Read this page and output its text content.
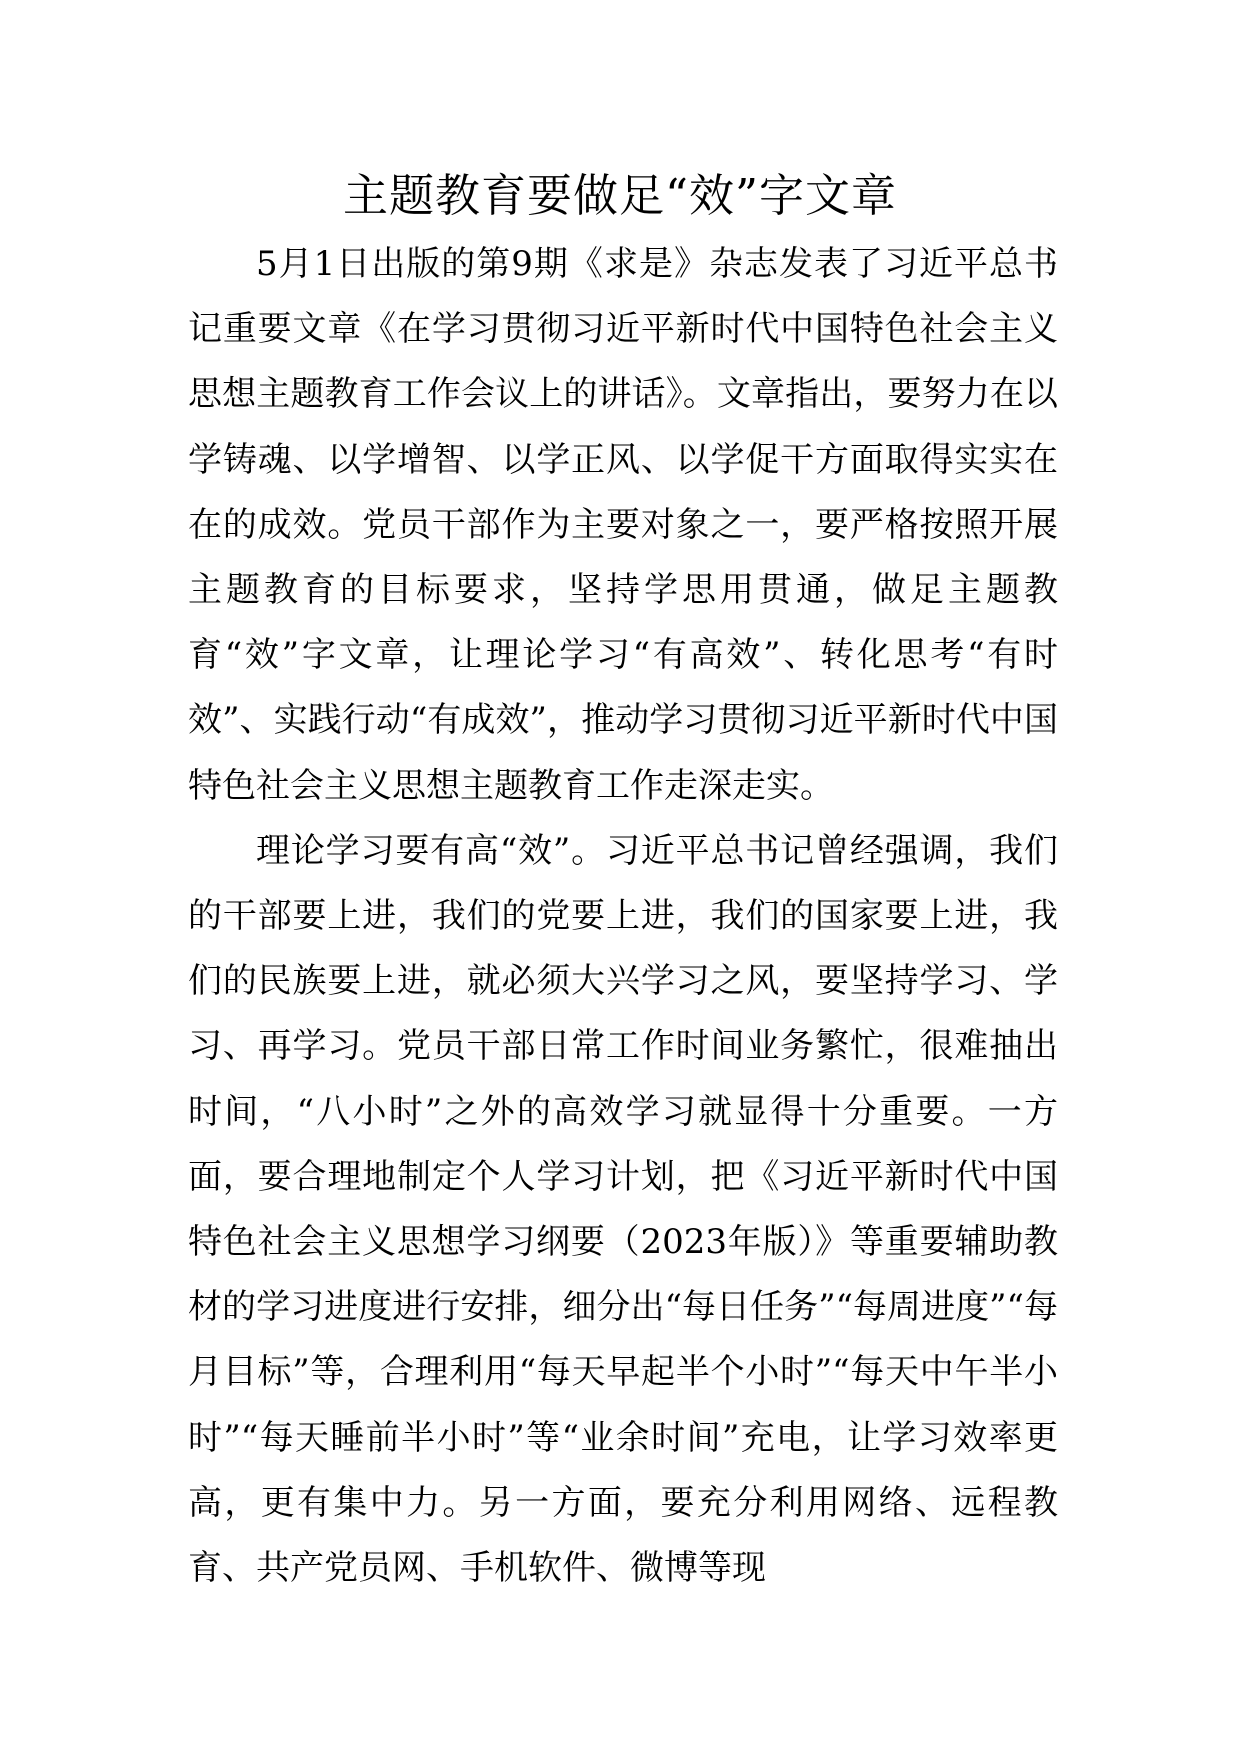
主题教育要做足“效”字文章

5月1日出版的第9期《求是》杂志发表了习近平总书记重要文章《在学习贯彻习近平新时代中国特色社会主义思想主题教育工作会议上的讲话》。文章指出，要努力在以学铸魂、以学增智、以学正风、以学促干方面取得实实在在的成效。党员干部作为主要对象之一，要严格按照开展主题教育的目标要求，坚持学思用贯通，做足主题教育“效”字文章，让理论学习“有高效”、转化思考“有时效”、实践行动“有成效”，推动学习贯彻习近平新时代中国特色社会主义思想主题教育工作走深走实。

理论学习要有高“效”。习近平总书记曾经强调，我们的干部要上进，我们的党要上进，我们的国家要上进，我们的民族要上进，就必须大兴学习之风，要坚持学习、学习、再学习。党员干部日常工作时间业务繁忙，很难抽出时间，“八小时”之外的高效学习就显得十分重要。一方面，要合理地制定个人学习计划，把《习近平新时代中国特色社会主义思想学习纲要（2023年版）》等重要辅助教材的学习进度进行安排，细分出“每日任务”“每周进度”“每月目标”等，合理利用“每天早起半个小时”“每天中午半小时”“每天睡前半小时”等“业余时间”充电，让学习效率更高，更有集中力。另一方面，要充分利用网络、远程教育、共产党员网、手机软件、微博等现
